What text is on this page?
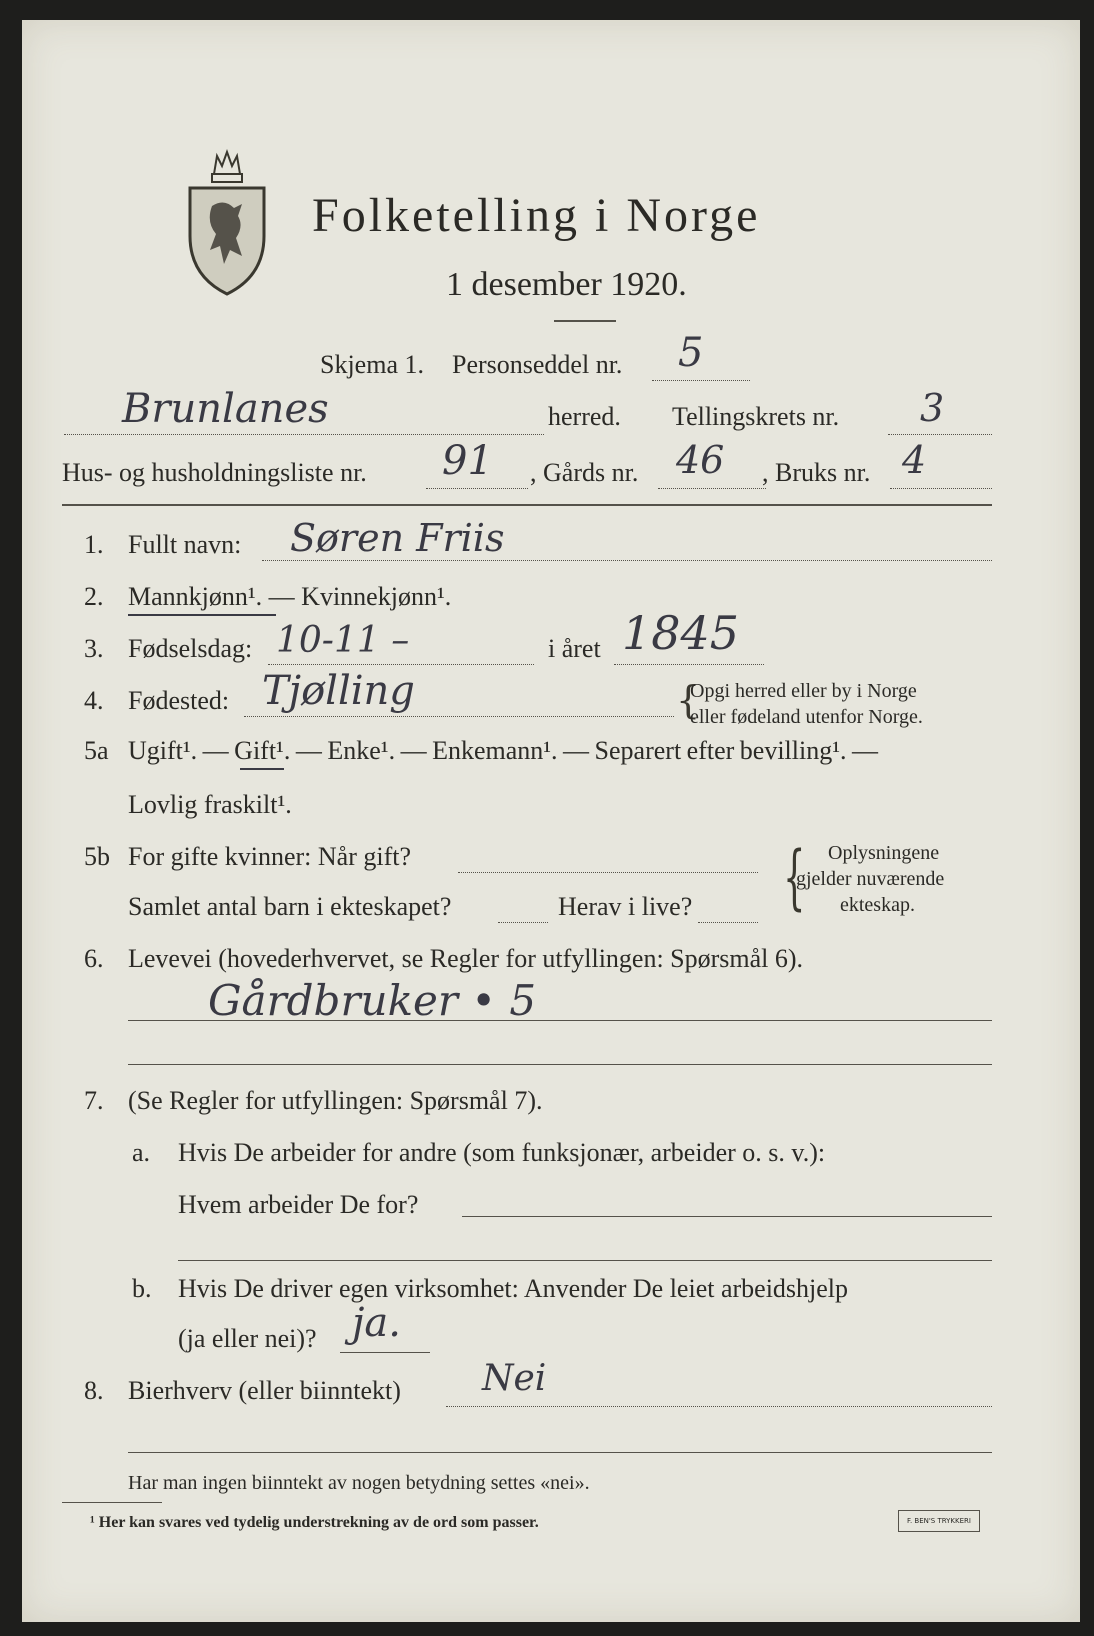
Folketelling i Norge
1 desember 1920.
Skjema 1. Personseddel nr. 5
Brunlanes	herred. Tellingskrets nr. 3
Hus- og husholdningsliste nr. 91 , Gårds nr. 46 , Bruks nr. 4
1. Fullt navn: Søren Friis
2. Mannkjønn¹. — Kvinnekjønn¹.
3. Fødselsdag: 10-11 –	i året 1845
4. Fødested: Tjølling	{
Opgi herred eller by i Norge
eller fødeland utenfor Norge.
5a Ugift¹. — Gift¹. — Enke¹. — Enkemann¹. — Separert efter bevilling¹. —
Lovlig fraskilt¹.
5b For gifte kvinner: Når gift?
Samlet antal barn i ekteskapet?	Herav i live? { Oplysningene
gjelder nuværende
ekteskap.
6. Levevei (hovederhvervet, se Regler for utfyllingen: Spørsmål 6).
Gårdbruker • 5
7. (Se Regler for utfyllingen: Spørsmål 7).
a. Hvis De arbeider for andre (som funksjonær, arbeider o. s. v.):
Hvem arbeider De for?
b. Hvis De driver egen virksomhet: Anvender De leiet arbeidshjelp
(ja eller nei)? ja.
8. Bierhverv (eller biinntekt) Nei
Har man ingen biinntekt av nogen betydning settes «nei».
¹ Her kan svares ved tydelig understrekning av de ord som passer.	F. BEN'S TRYKKERI
